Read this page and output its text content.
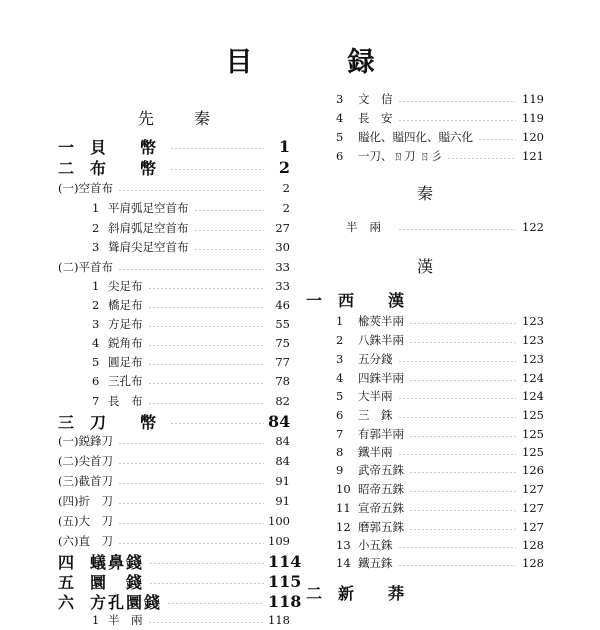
目　録
先　秦
一 貝　幣	1
二 布　幣	2
(一)空首布	2
1 平肩弧足空首布	2
2 斜肩弧足空首布	27
3 聳肩尖足空首布	30
(二)平首布	33
1 尖足布	33
2 橋足布	46
3 方足布	55
4 鋭角布	75
5 圓足布	77
6 三孔布	78
7 長　布	82
三 刀　幣	84
(一)鋭鋒刀	84
(二)尖首刀	84
(三)截首刀	91
(四)折　刀	91
(五)大　刀	100
(六)直　刀	109
四 蟻鼻錢	114
五 圜　錢	115
六 方孔圜錢	118
1 半　兩	118
秦
漢
3 文　信	119
4 長　安	119
5 賹化、賹四化、賹六化	120
6 一刀、ㄖ刀 ㄖ彡	121
半兩	122
一 西　漢
1 楡莢半兩	123
2 八銖半兩	123
3 五分錢	123
4 四銖半兩	124
5 大半兩	124
6 三　銖	125
7 有郭半兩	125
8 鐵半兩	125
9 武帝五銖	126
10 昭帝五銖	127
11 宣帝五銖	127
12 磨郭五銖	127
13 小五銖	128
14 鐵五銖	128
二 新　莽
